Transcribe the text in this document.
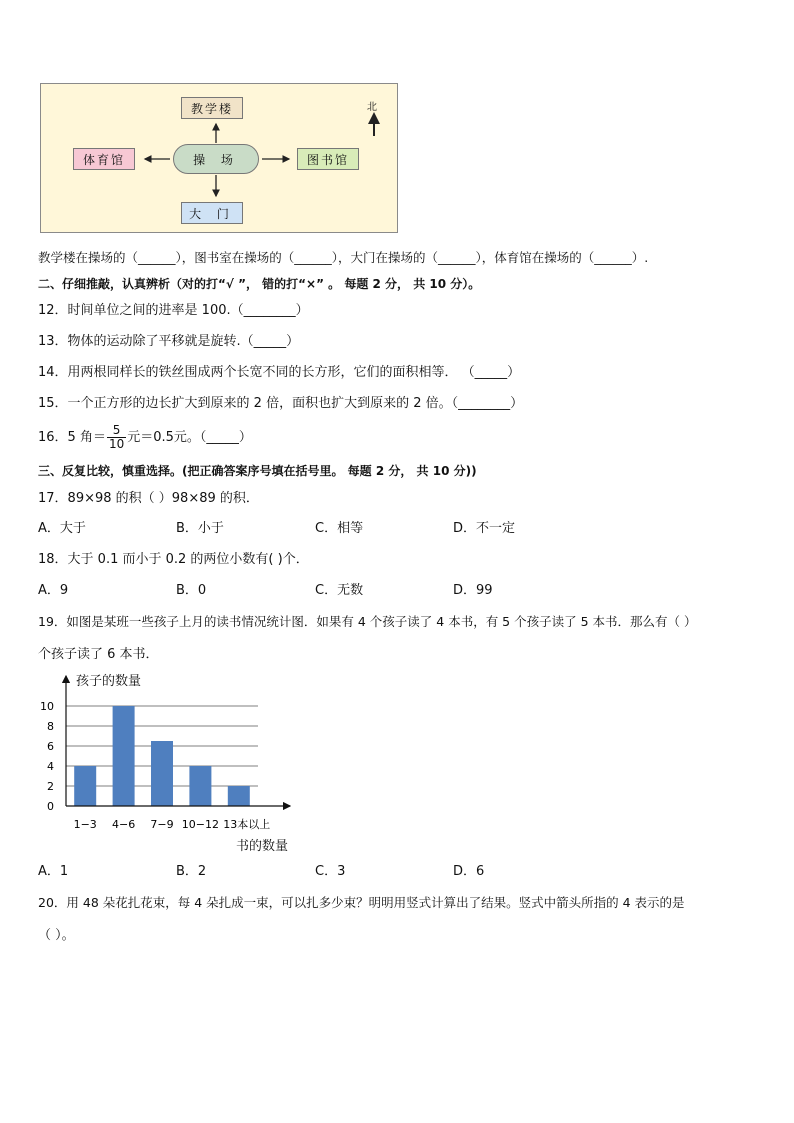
教学楼
体育馆	操 场	图书馆
大 门
北
教学楼在操场的（______），图书室在操场的（______），大门在操场的（______），体育馆在操场的（______）.
二、仔细推敲，认真辨析（对的打“√ ”， 错的打“×” 。 每题 2 分， 共 10 分）。
12．时间单位之间的进率是 100.（________）
13．物体的运动除了平移就是旋转.（_____）
14．用两根同样长的铁丝围成两个长宽不同的长方形，它们的面积相等． （_____）
15．一个正方形的边长扩大到原来的 2 倍，面积也扩大到原来的 2 倍。（________）
16．5 角＝ $\frac{5}{10}$ 元＝0.5元。（_____）
三、反复比较，慎重选择。(把正确答案序号填在括号里。 每题 2 分， 共 10 分))
17．89×98 的积（ ）98×89 的积．
A．大于	B．小于	C．相等	D．不一定
18．大于 0.1 而小于 0.2 的两位小数有( )个．
A．9	B．0	C．无数	D．99
19．如图是某班一些孩子上月的读书情况统计图．如果有 4 个孩子读了 4 本书，有 5 个孩子读了 5 本书．那么有（ ）
个孩子读了 6 本书．
孩子的数量
书的数量
0
2
4
6
8
10
1−3 4−6 7−9 10−12 13本以上
A．1	B．2	C．3	D．6
20．用 48 朵花扎花束，每 4 朵扎成一束，可以扎多少束？明明用竖式计算出了结果。竖式中箭头所指的 4 表示的是
（ ）。
